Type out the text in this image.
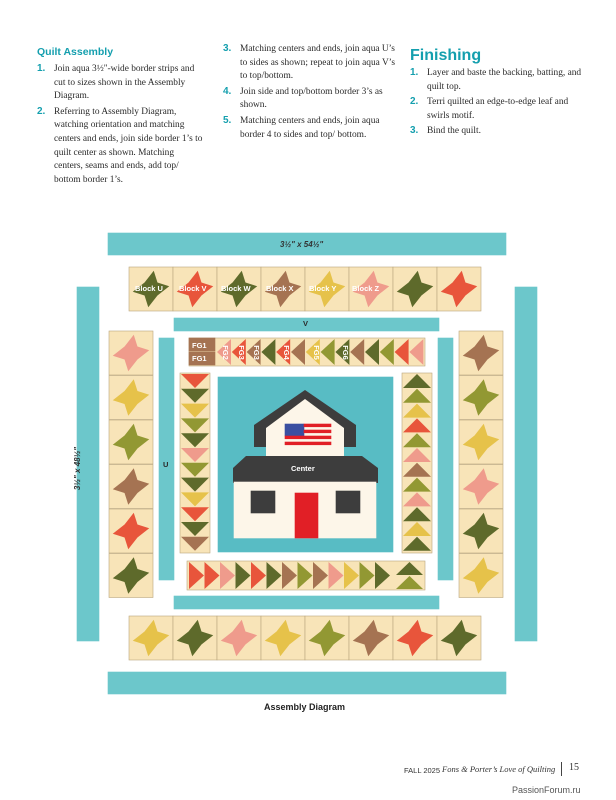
Quilt Assembly
1. Join aqua 3½"-wide border strips and cut to sizes shown in the Assembly Diagram.
2. Referring to Assembly Diagram, watching orientation and matching centers and ends, join side border 1’s to quilt center as shown. Matching centers, seams and ends, add top/ bottom border 1’s.
3. Matching centers and ends, join aqua U’s to sides as shown; repeat to join aqua V’s to top/bottom.
4. Join side and top/bottom border 3’s as shown.
5. Matching centers and ends, join aqua border 4 to sides and top/ bottom.
Finishing
1. Layer and baste the backing, batting, and quilt top.
2. Terri quilted an edge-to-edge leaf and swirls motif.
3. Bind the quilt.
3½" x 54½"
3½" x 48½"
Block U Block V Block W Block X Block Y Block Z
V
U
FG1
FG1 FG2 FG3 FG3	FG4	FG5	FG6
Center
Assembly Diagram
FALL 2025 Fons & Porter’s Love of Quilting 15
PassionForum.ru
